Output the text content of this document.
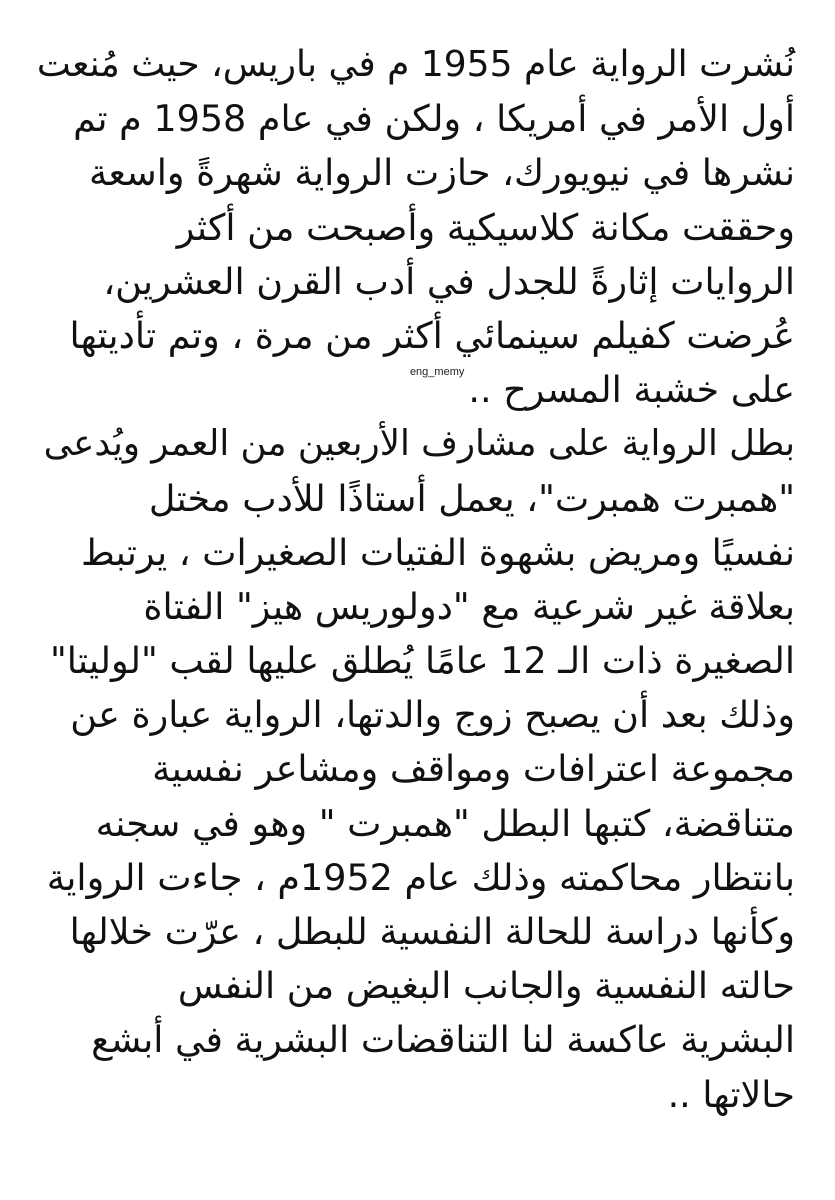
نُشرت الرواية عام 1955 م في باريس، حيث مُنعت
أول الأمر في أمريكا ، ولكن في عام 1958 م تم
نشرها في نيويورك، حازت الرواية شهرةً واسعة
وحققت مكانة كلاسيكية وأصبحت من أكثر
الروايات إثارةً للجدل في أدب القرن العشرين،
عُرضت كفيلم سينمائي أكثر من مرة ، وتم تأديتها
على خشبة المسرح ..eng_memy
بطل الرواية على مشارف الأربعين من العمر ويُدعى
"همبرت همبرت"، يعمل أستاذًا للأدب مختل
نفسيًا ومريض بشهوة الفتيات الصغيرات ، يرتبط
بعلاقة غير شرعية مع "دولوريس هيز" الفتاة
الصغيرة ذات الـ 12 عامًا يُطلق عليها لقب "لوليتا"
وذلك بعد أن يصبح زوج والدتها، الرواية عبارة عن
مجموعة اعترافات ومواقف ومشاعر نفسية
متناقضة، كتبها البطل "همبرت " وهو في سجنه
بانتظار محاكمته وذلك عام 1952م ، جاءت الرواية
وكأنها دراسة للحالة النفسية للبطل ، عرّت خلالها
حالته النفسية والجانب البغيض من النفس
البشرية عاكسة لنا التناقضات البشرية في أبشع
حالاتها ..
